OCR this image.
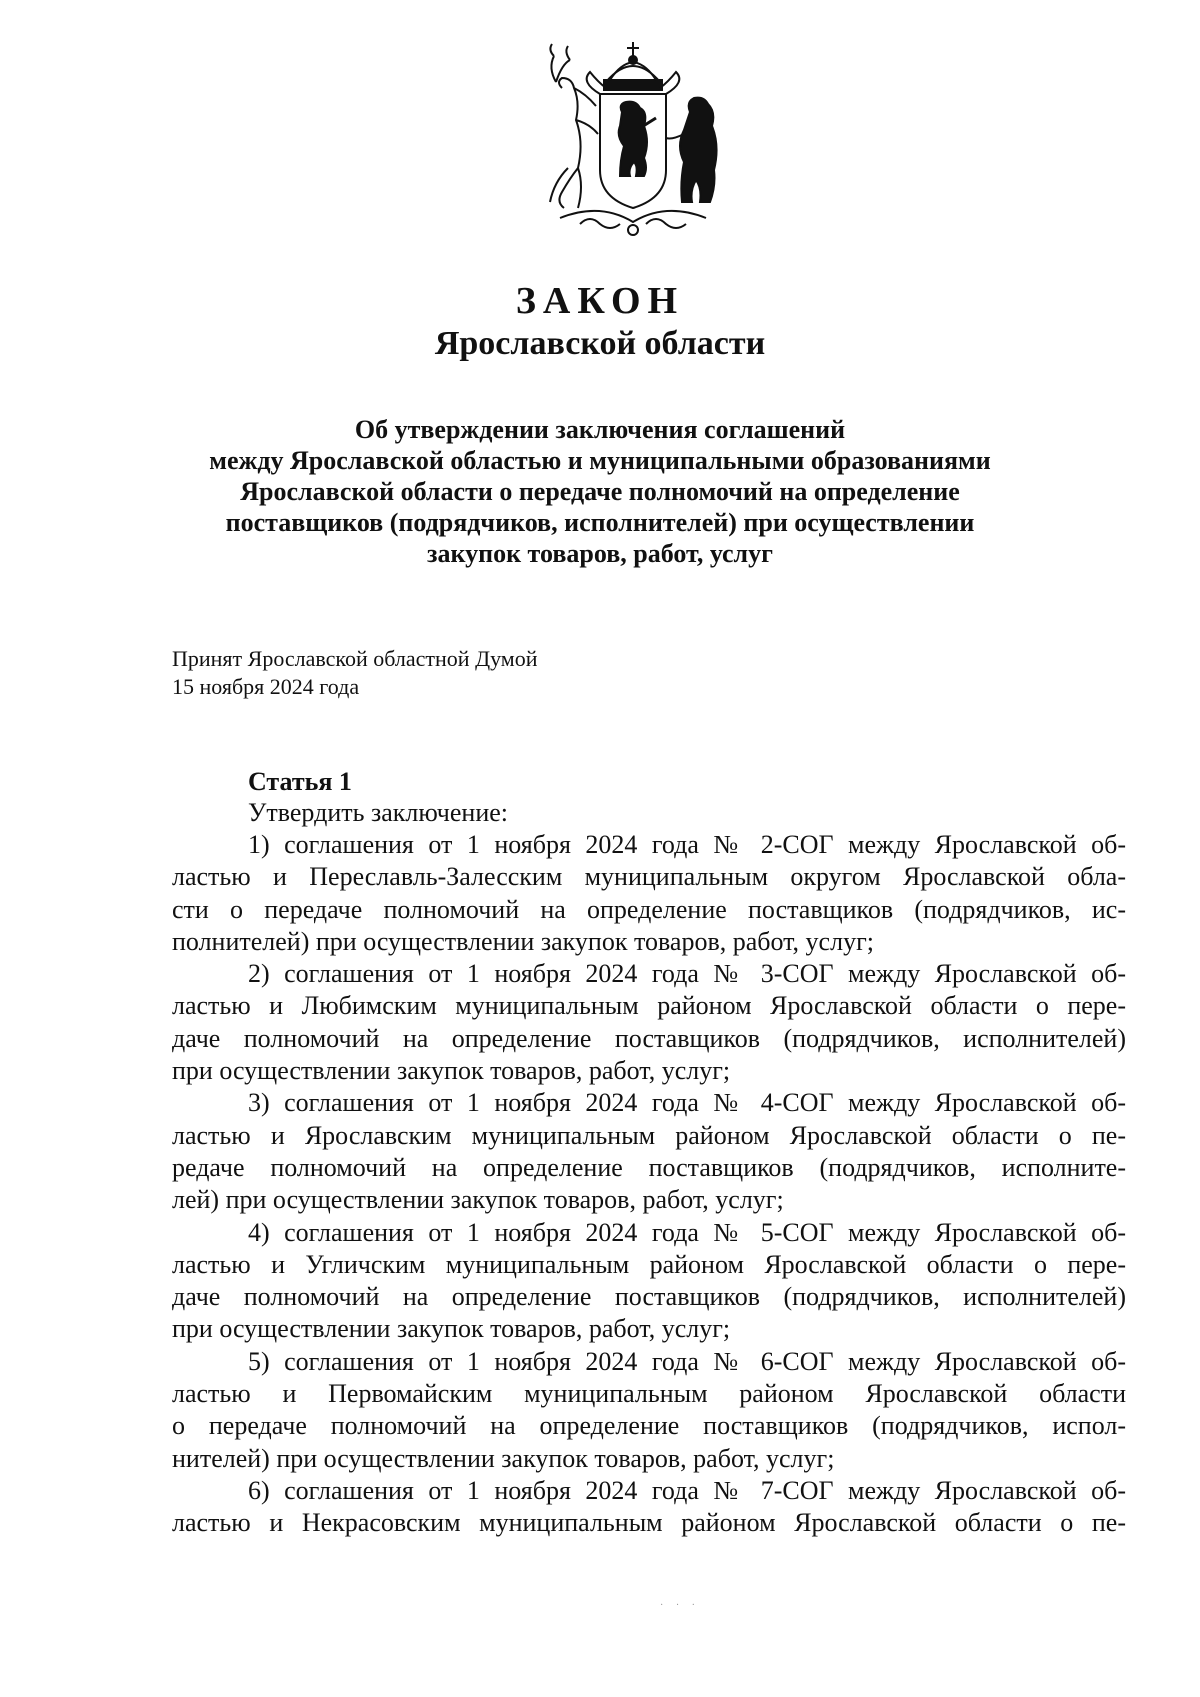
ЗАКОН
Ярославской области
Об утверждении заключения соглашений
между Ярославской областью и муниципальными образованиями
Ярославской области о передаче полномочий на определение
поставщиков (подрядчиков, исполнителей) при осуществлении
закупок товаров, работ, услуг
Принят Ярославской областной Думой
15 ноября 2024 года
Статья 1
Утвердить заключение:
1) соглашения от 1 ноября 2024 года № 2-СОГ между Ярославской об-
ластью и Переславль-Залесским муниципальным округом Ярославской обла-
сти о передаче полномочий на определение поставщиков (подрядчиков, ис-
полнителей) при осуществлении закупок товаров, работ, услуг;
2) соглашения от 1 ноября 2024 года № 3-СОГ между Ярославской об-
ластью и Любимским муниципальным районом Ярославской области о пере-
даче полномочий на определение поставщиков (подрядчиков, исполнителей)
при осуществлении закупок товаров, работ, услуг;
3) соглашения от 1 ноября 2024 года № 4-СОГ между Ярославской об-
ластью и Ярославским муниципальным районом Ярославской области о пе-
редаче полномочий на определение поставщиков (подрядчиков, исполните-
лей) при осуществлении закупок товаров, работ, услуг;
4) соглашения от 1 ноября 2024 года № 5-СОГ между Ярославской об-
ластью и Угличским муниципальным районом Ярославской области о пере-
даче полномочий на определение поставщиков (подрядчиков, исполнителей)
при осуществлении закупок товаров, работ, услуг;
5) соглашения от 1 ноября 2024 года № 6-СОГ между Ярославской об-
ластью и Первомайским муниципальным районом Ярославской области
о передаче полномочий на определение поставщиков (подрядчиков, испол-
нителей) при осуществлении закупок товаров, работ, услуг;
6) соглашения от 1 ноября 2024 года № 7-СОГ между Ярославской об-
ластью и Некрасовским муниципальным районом Ярославской области о пе-
·     ·     ·
